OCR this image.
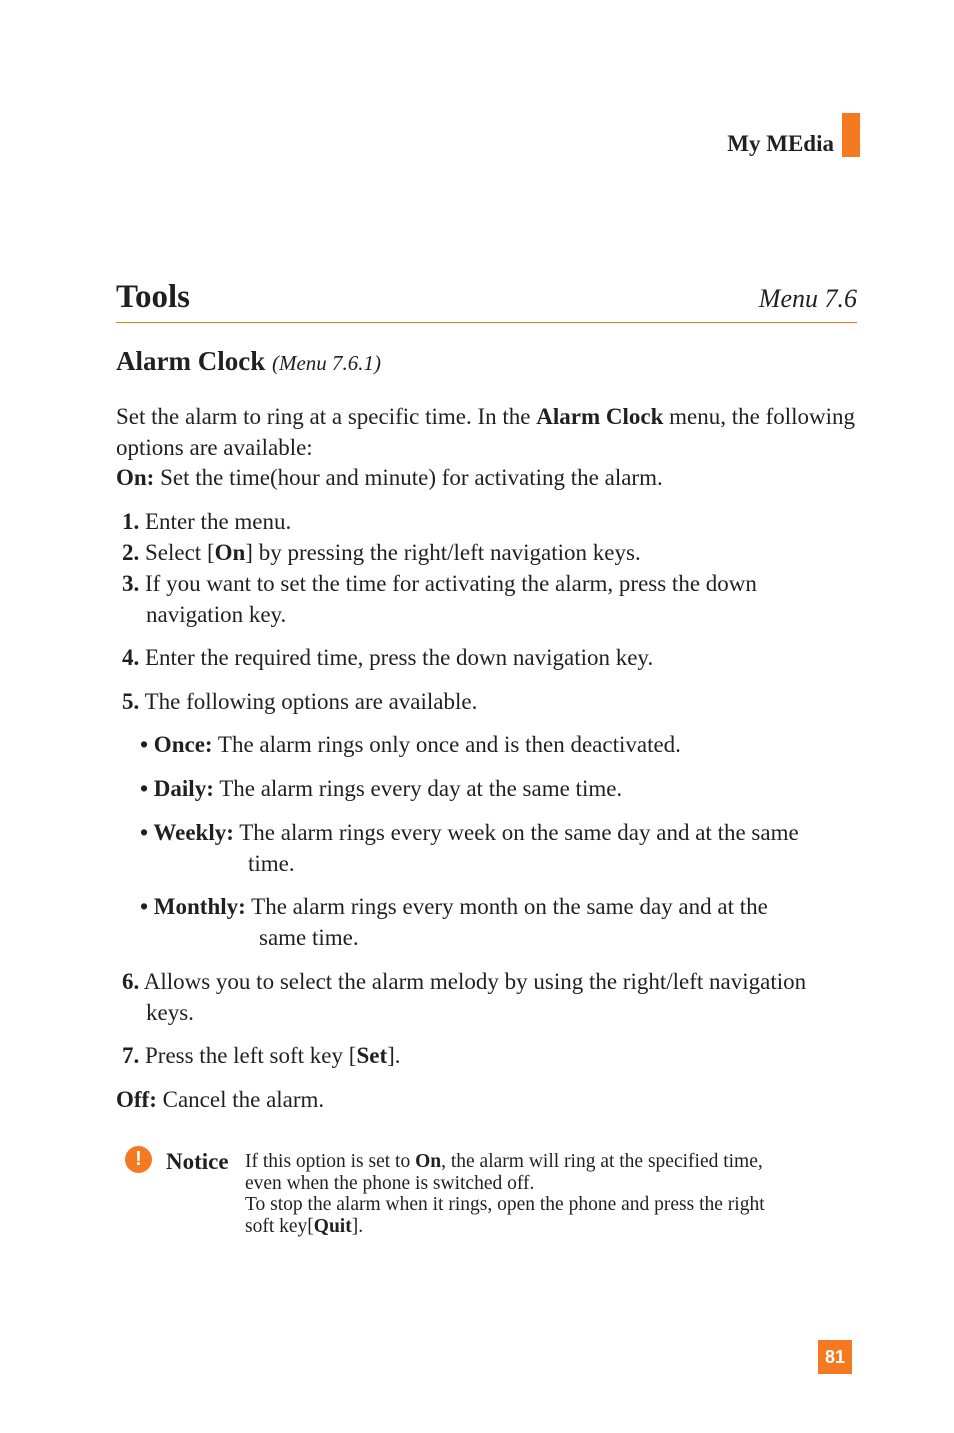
My MEdia
Tools	Menu 7.6
Alarm Clock (Menu 7.6.1)
Set the alarm to ring at a specific time. In the Alarm Clock menu, the following options are available:
On: Set the time(hour and minute) for activating the alarm.
1. Enter the menu.
2. Select [On] by pressing the right/left navigation keys.
3. If you want to set the time for activating the alarm, press the down
navigation key.
4. Enter the required time, press the down navigation key.
5. The following options are available.
• Once: The alarm rings only once and is then deactivated.
• Daily: The alarm rings every day at the same time.
• Weekly: The alarm rings every week on the same day and at the same
time.
• Monthly: The alarm rings every month on the same day and at the
same time.
6. Allows you to select the alarm melody by using the right/left navigation
keys.
7. Press the left soft key [Set].
Off: Cancel the alarm.
!	Notice If this option is set to On, the alarm will ring at the specified time,
even when the phone is switched off.
To stop the alarm when it rings, open the phone and press the right
soft key[Quit].
81
